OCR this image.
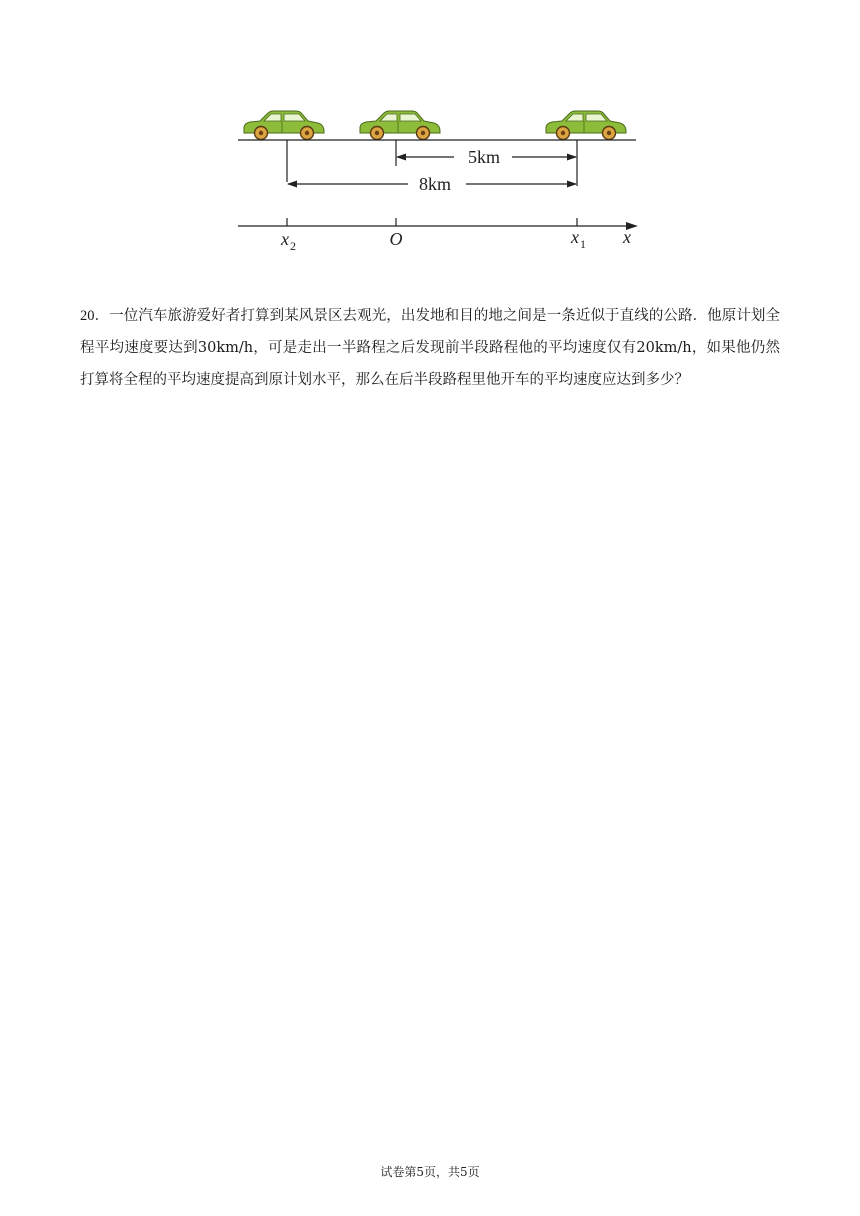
5km
8km
x 2	O	x 1 x
20．一位汽车旅游爱好者打算到某风景区去观光，出发地和目的地之间是一条近似于直线的公路．他原计划全程平均速度要达到30km/h，可是走出一半路程之后发现前半段路程他的平均速度仅有20km/h，如果他仍然打算将全程的平均速度提高到原计划水平，那么在后半段路程里他开车的平均速度应达到多少？
试卷第5页，共5页
